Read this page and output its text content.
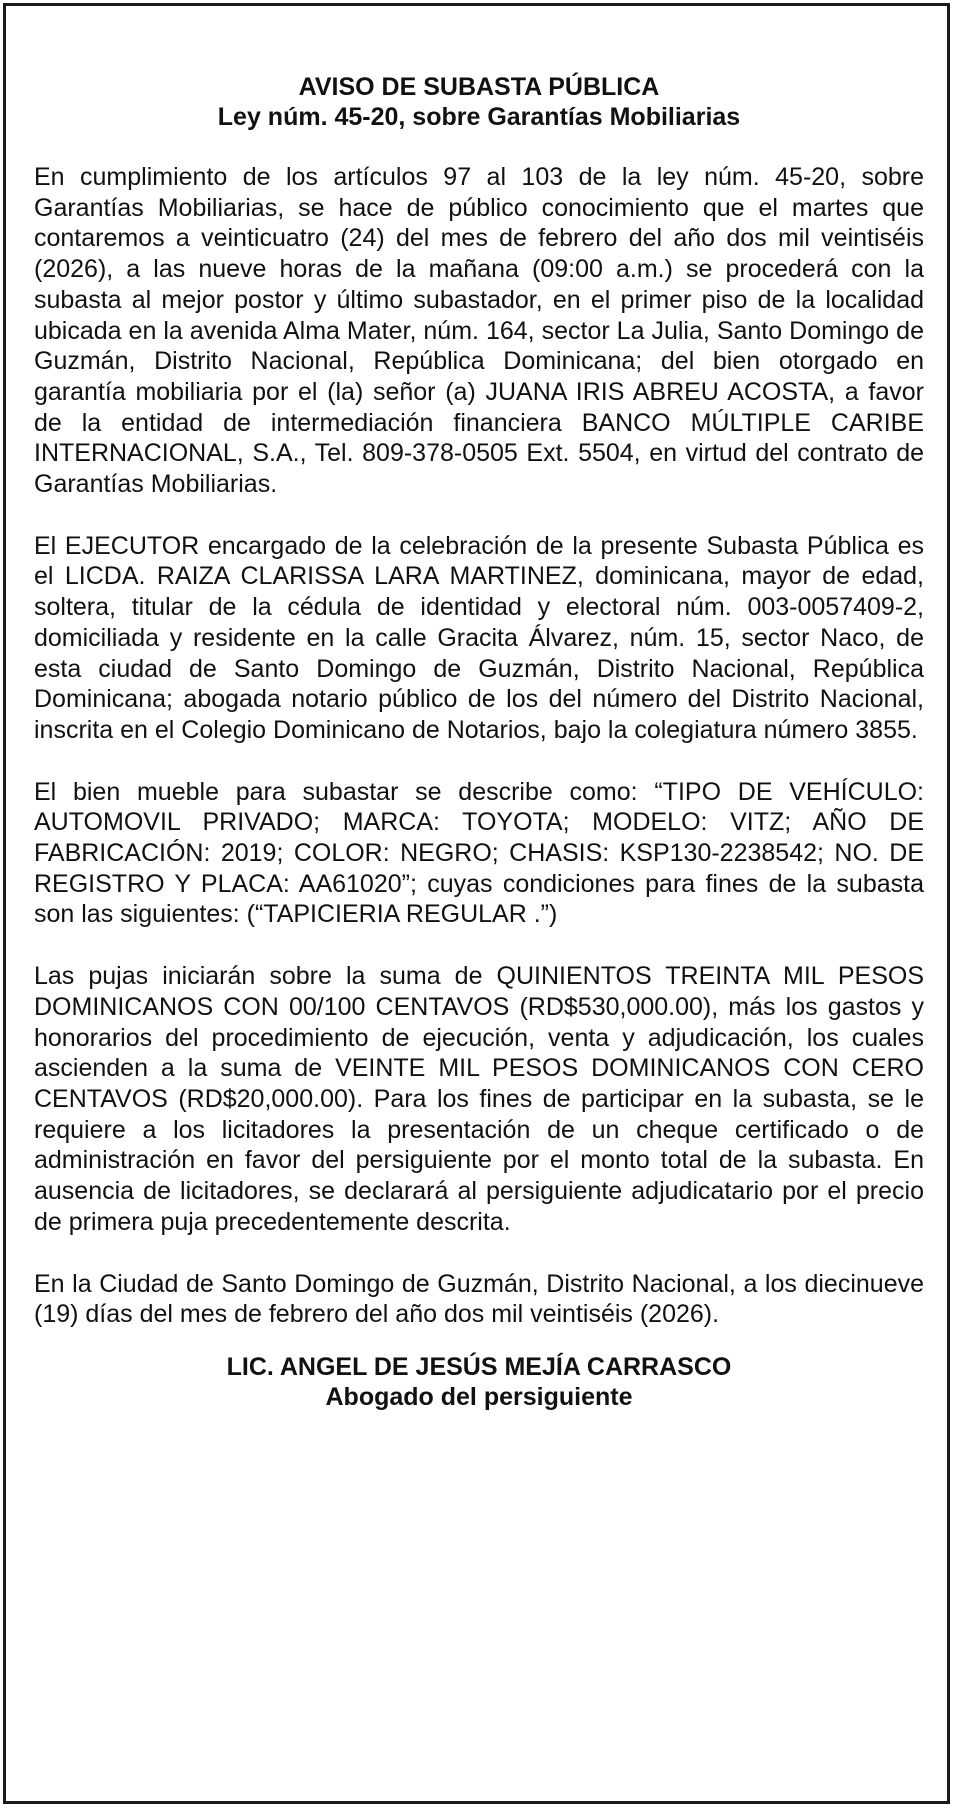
AVISO DE SUBASTA PÚBLICA
Ley núm. 45-20, sobre Garantías Mobiliarias

En cumplimiento de los artículos 97 al 103 de la ley núm. 45-20, sobre Garantías Mobiliarias, se hace de público conocimiento que el martes que contaremos a veinticuatro (24) del mes de febrero del año dos mil veintiséis (2026), a las nueve horas de la mañana (09:00 a.m.) se procederá con la subasta al mejor postor y último subastador, en el primer piso de la localidad ubicada en la avenida Alma Mater, núm. 164, sector La Julia, Santo Domingo de Guzmán, Distrito Nacional, República Dominicana; del bien otorgado en garantía mobiliaria por el (la) señor (a) JUANA IRIS ABREU ACOSTA, a favor de la entidad de intermediación financiera BANCO MÚLTIPLE CARIBE INTERNACIONAL, S.A., Tel. 809-378-0505 Ext. 5504, en virtud del contrato de Garantías Mobiliarias.

El EJECUTOR encargado de la celebración de la presente Subasta Pública es el LICDA. RAIZA CLARISSA LARA MARTINEZ, dominicana, mayor de edad, soltera, titular de la cédula de identidad y electoral núm. 003-0057409-2, domiciliada y residente en la calle Gracita Álvarez, núm. 15, sector Naco, de esta ciudad de Santo Domingo de Guzmán, Distrito Nacional, República Dominicana; abogada notario público de los del número del Distrito Nacional, inscrita en el Colegio Dominicano de Notarios, bajo la colegiatura número 3855.

El bien mueble para subastar se describe como: “TIPO DE VEHÍCULO: AUTOMOVIL PRIVADO; MARCA: TOYOTA; MODELO: VITZ; AÑO DE FABRICACIÓN: 2019; COLOR: NEGRO; CHASIS: KSP130-2238542; NO. DE REGISTRO Y PLACA: AA61020”; cuyas condiciones para fines de la subasta son las siguientes: (“TAPICIERIA REGULAR .”)

Las pujas iniciarán sobre la suma de QUINIENTOS TREINTA MIL PESOS DOMINICANOS CON 00/100 CENTAVOS (RD$530,000.00), más los gastos y honorarios del procedimiento de ejecución, venta y adjudicación, los cuales ascienden a la suma de VEINTE MIL PESOS DOMINICANOS CON CERO CENTAVOS (RD$20,000.00). Para los fines de participar en la subasta, se le requiere a los licitadores la presentación de un cheque certificado o de administración en favor del persiguiente por el monto total de la subasta. En ausencia de licitadores, se declarará al persiguiente adjudicatario por el precio de primera puja precedentemente descrita.

En la Ciudad de Santo Domingo de Guzmán, Distrito Nacional, a los diecinueve (19) días del mes de febrero del año dos mil veintiséis (2026).

LIC. ANGEL DE JESÚS MEJÍA CARRASCO

Abogado del persiguiente
